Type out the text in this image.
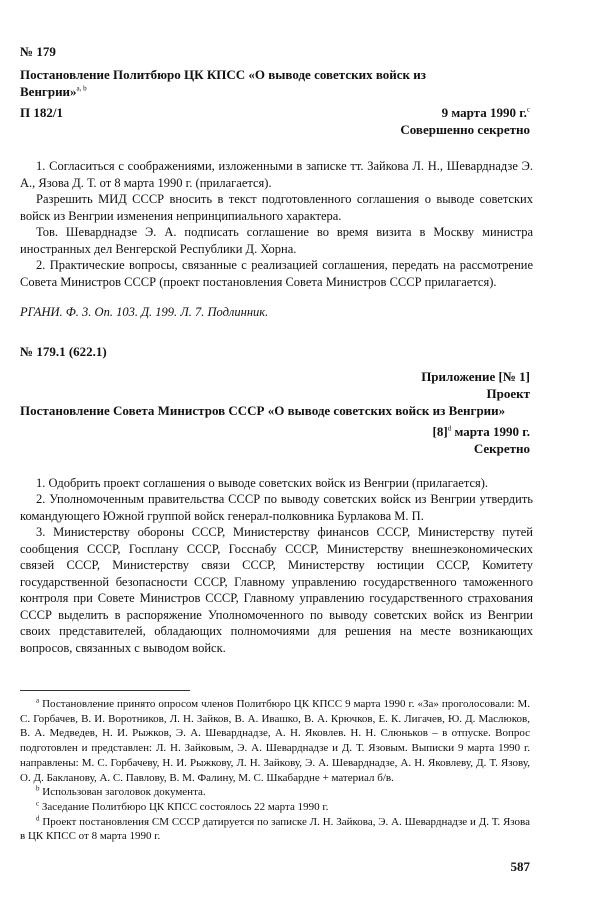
№ 179

Постановление Политбюро ЦК КПСС «О выводе советских войск из Венгрии»$^{a, b}$

П 182/1	9 марта 1990 г.$^c$
Совершенно секретно

1. Согласиться с соображениями, изложенными в записке тт. Зайкова Л. Н., Шеварднадзе Э. А., Язова Д. Т. от 8 марта 1990 г. (прилагается).

Разрешить МИД СССР вносить в текст подготовленного соглашения о выводе советских войск из Венгрии изменения непринципиального характера.

Тов. Шеварднадзе Э. А. подписать соглашение во время визита в Москву министра иностранных дел Венгерской Республики Д. Хорна.

2. Практические вопросы, связанные с реализацией соглашения, передать на рассмотрение Совета Министров СССР (проект постановления Совета Министров СССР прилагается).

РГАНИ. Ф. 3. Оп. 103. Д. 199. Л. 7. Подлинник.

№ 179.1 (622.1)

Приложение [№ 1]
Проект

Постановление Совета Министров СССР «О выводе советских войск из Венгрии»

$[8]^d$ марта 1990 г.
Секретно

1. Одобрить проект соглашения о выводе советских войск из Венгрии (прилагается).

2. Уполномоченным правительства СССР по выводу советских войск из Венгрии утвердить командующего Южной группой войск генерал-полковника Бурлакова М. П.

3. Министерству обороны СССР, Министерству финансов СССР, Министерству путей сообщения СССР, Госплану СССР, Госснабу СССР, Министерству внешнеэкономических связей СССР, Министерству связи СССР, Министерству юстиции СССР, Комитету государственной безопасности СССР, Главному управлению государственного таможенного контроля при Совете Министров СССР, Главному управлению государственного страхования СССР выделить в распоряжение Уполномоченного по выводу советских войск из Венгрии своих представителей, обладающих полномочиями для решения на месте возникающих вопросов, связанных с выводом войск.

$^a$ Постановление принято опросом членов Политбюро ЦК КПСС 9 марта 1990 г. «За» проголосовали: М. С. Горбачев, В. И. Воротников, Л. Н. Зайков, В. А. Ивашко, В. А. Крючков, Е. К. Лигачев, Ю. Д. Маслюков, В. А. Медведев, Н. И. Рыжков, Э. А. Шеварднадзе, А. Н. Яковлев. Н. Н. Слюньков – в отпуске. Вопрос подготовлен и представлен: Л. Н. Зайковым, Э. А. Шеварднадзе и Д. Т. Язовым. Выписки 9 марта 1990 г. направлены: М. С. Горбачеву, Н. И. Рыжкову, Л. Н. Зайкову, Э. А. Шеварднадзе, А. Н. Яковлеву, Д. Т. Язову, О. Д. Бакланову, А. С. Павлову, В. М. Фалину, М. С. Шкабардне + материал б/в.

$^b$ Использован заголовок документа.

$^c$ Заседание Политбюро ЦК КПСС состоялось 22 марта 1990 г.

$^d$ Проект постановления СМ СССР датируется по записке Л. Н. Зайкова, Э. А. Шеварднадзе и Д. Т. Язова в ЦК КПСС от 8 марта 1990 г.

587
